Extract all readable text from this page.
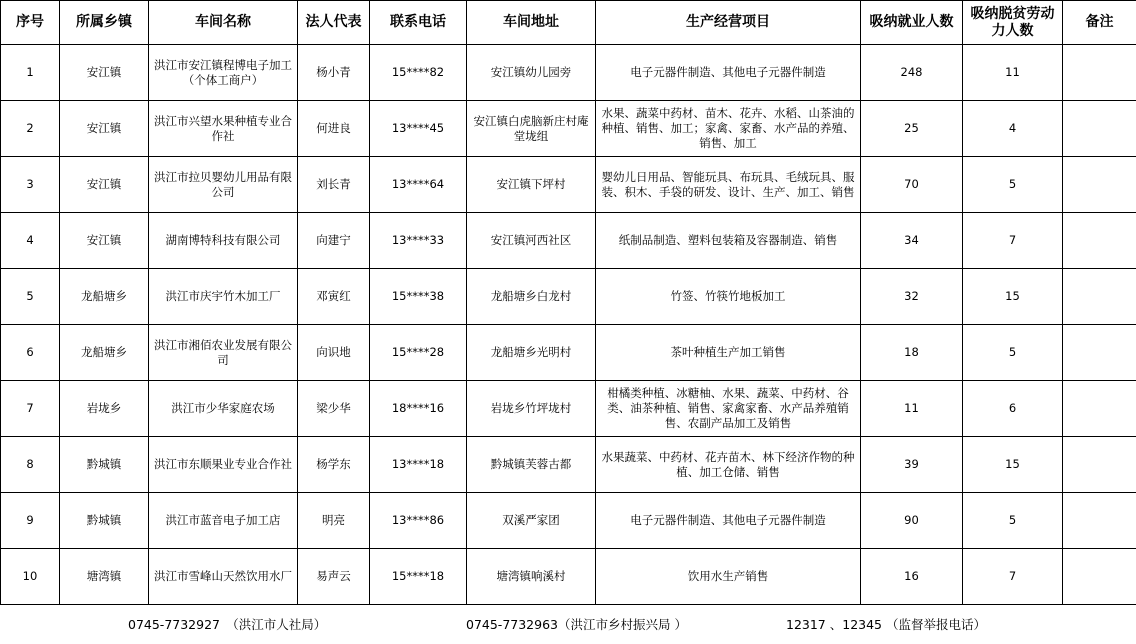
序号	所属乡镇	车间名称	法人代表	联系电话	车间地址	生产经营项目	吸纳就业人数	吸纳脱贫劳动力人数	备注
1	安江镇	洪江市安江镇程博电子加工（个体工商户）	杨小青	15****82	安江镇幼儿园旁	电子元器件制造、其他电子元器件制造	248	11	
2	安江镇	洪江市兴望水果种植专业合作社	何进良	13****45	安江镇白虎脑新庄村庵堂垅组	水果、蔬菜中药材、苗木、花卉、水稻、山茶油的种植、销售、加工；家禽、家畜、水产品的养殖、销售、加工	25	4	
3	安江镇	洪江市拉贝婴幼儿用品有限公司	刘长青	13****64	安江镇下坪村	婴幼儿日用品、智能玩具、布玩具、毛绒玩具、服装、积木、手袋的研发、设计、生产、加工、销售	70	5	
4	安江镇	湖南博特科技有限公司	向建宁	13****33	安江镇河西社区	纸制品制造、塑料包装箱及容器制造、销售	34	7	
5	龙船塘乡	洪江市庆宇竹木加工厂	邓寅红	15****38	龙船塘乡白龙村	竹签、竹筷竹地板加工	32	15	
6	龙船塘乡	洪江市湘佰农业发展有限公司	向识地	15****28	龙船塘乡光明村	茶叶种植生产加工销售	18	5	
7	岩垅乡	洪江市少华家庭农场	梁少华	18****16	岩垅乡竹坪垅村	柑橘类种植、冰糖柚、水果、蔬菜、中药材、谷类、油茶种植、销售、家禽家畜、水产品养殖销售、农副产品加工及销售	11	6	
8	黔城镇	洪江市东顺果业专业合作社	杨学东	13****18	黔城镇芙蓉古都	水果蔬菜、中药材、花卉苗木、林下经济作物的种植、加工仓储、销售	39	15	
9	黔城镇	洪江市蓝音电子加工店	明亮	13****86	双溪严家团	电子元器件制造、其他电子元器件制造	90	5	
10	塘湾镇	洪江市雪峰山天然饮用水厂	易声云	15****18	塘湾镇响溪村	饮用水生产销售	16	7	
0745-7732927　（洪江市人社局）	0745-7732963（洪江市乡村振兴局 ）	12317 、12345 （监督举报电话）
